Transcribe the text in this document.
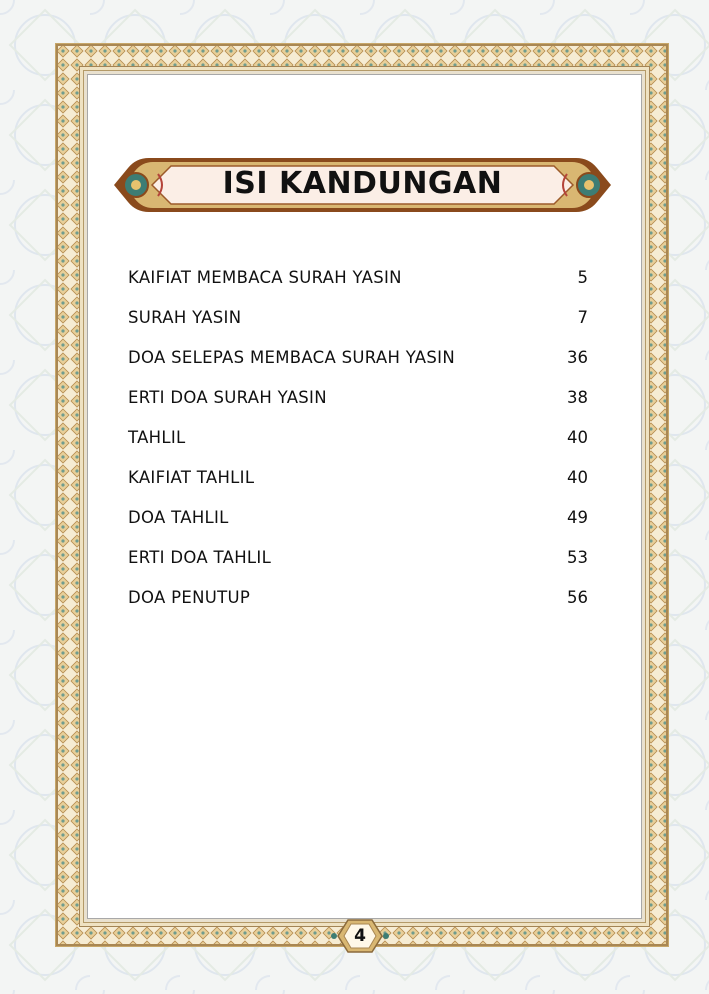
ISI KANDUNGAN
KAIFIAT MEMBACA SURAH YASIN	5
SURAH YASIN	7
DOA SELEPAS MEMBACA SURAH YASIN	36
ERTI DOA SURAH YASIN	38
TAHLIL	40
KAIFIAT TAHLIL	40
DOA TAHLIL	49
ERTI DOA TAHLIL	53
DOA PENUTUP	56
4
